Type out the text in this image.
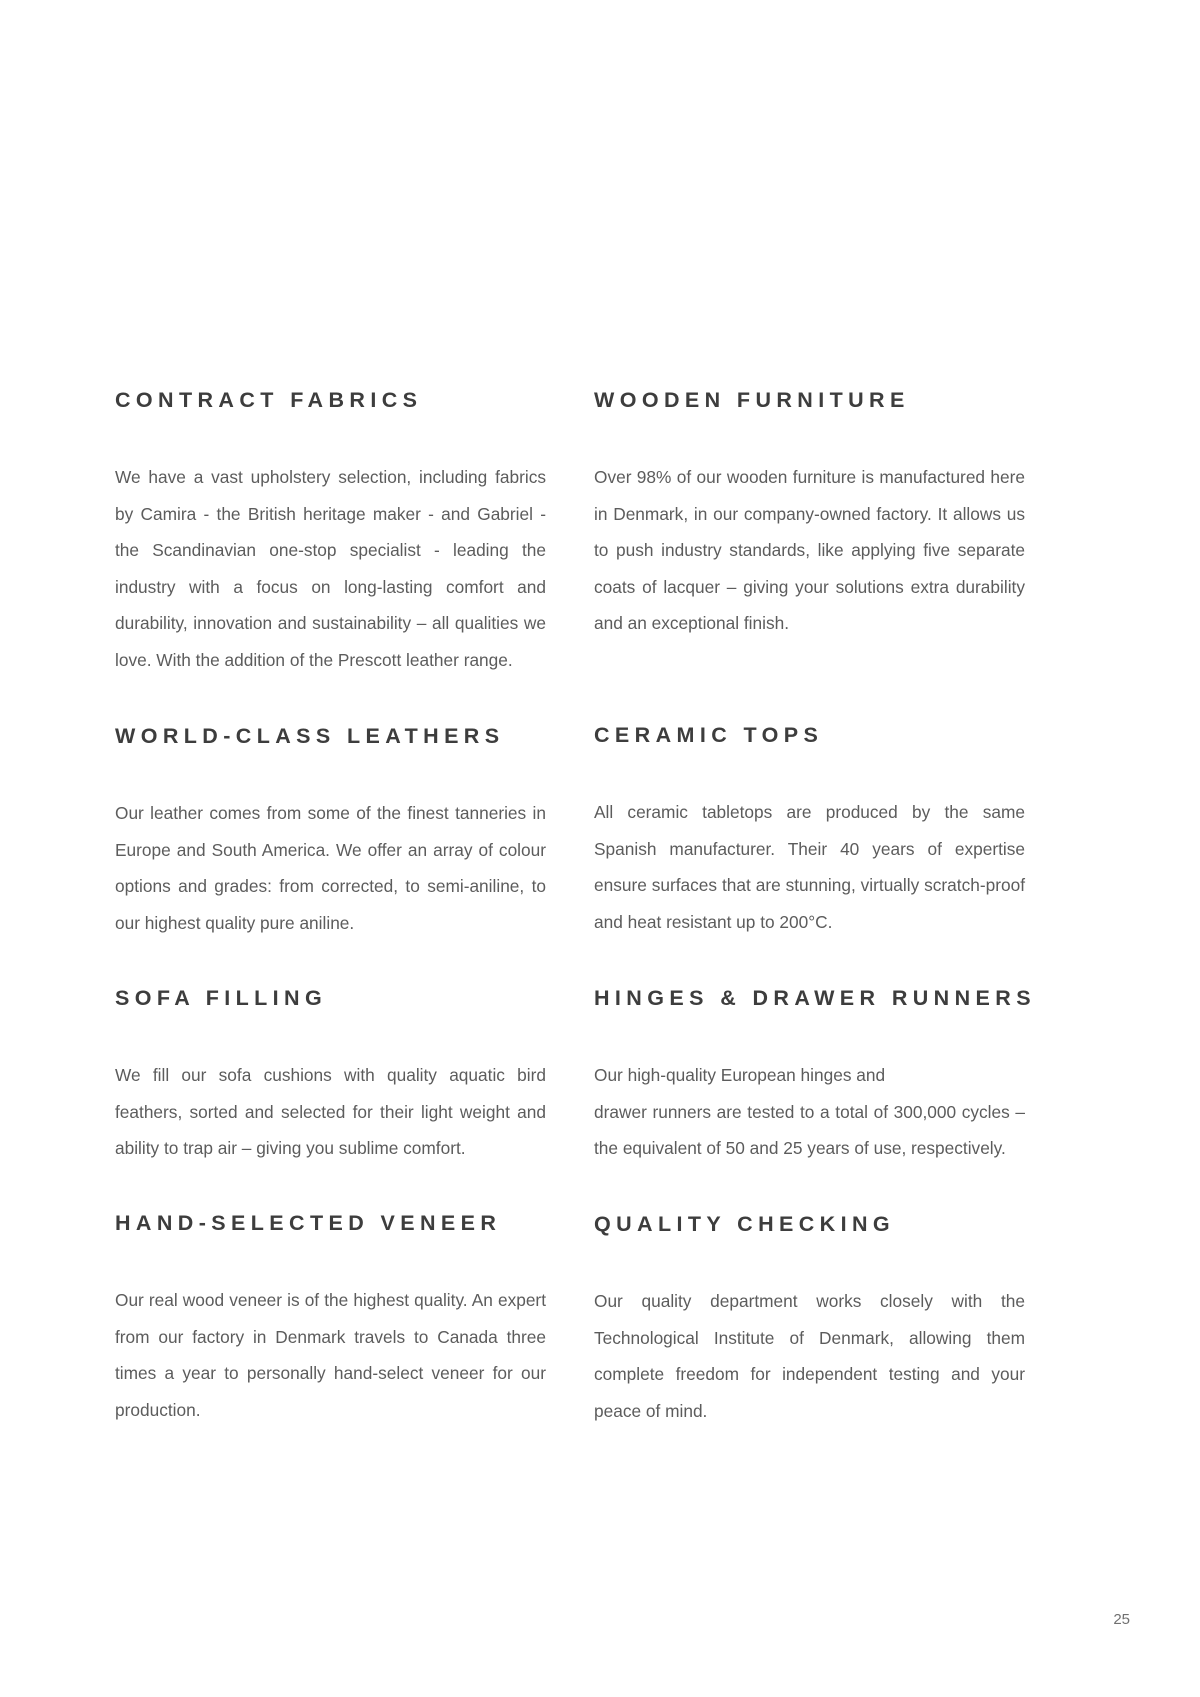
CONTRACT FABRICS

We have a vast upholstery selection, including fabrics by Camira - the British heritage maker - and Gabriel - the Scandinavian one-stop specialist - leading the industry with a focus on long-lasting comfort and durability, innovation and sustainability – all qualities we love. With the addition of the Prescott leather range.

WOODEN FURNITURE

Over 98% of our wooden furniture is manufactured here in Denmark, in our company-owned factory. It allows us to push industry standards, like applying five separate coats of lacquer – giving your solutions extra durability and an exceptional finish.

WORLD-CLASS LEATHERS

Our leather comes from some of the finest tanneries in Europe and South America. We offer an array of colour options and grades: from corrected, to semi-aniline, to our highest quality pure aniline.

CERAMIC TOPS

All ceramic tabletops are produced by the same Spanish manufacturer. Their 40 years of expertise ensure surfaces that are stunning, virtually scratch-proof and heat resistant up to 200°C.

SOFA FILLING

We fill our sofa cushions with quality aquatic bird feathers, sorted and selected for their light weight and ability to trap air – giving you sublime comfort.

HINGES & DRAWER RUNNERS

Our high-quality European hinges and
drawer runners are tested to a total of 300,000 cycles – the equivalent of 50 and 25 years of use, respectively.

HAND-SELECTED VENEER

Our real wood veneer is of the highest quality. An expert from our factory in Denmark travels to Canada three times a year to personally hand-select veneer for our production.

QUALITY CHECKING

Our quality department works closely with the Technological Institute of Denmark, allowing them complete freedom for independent testing and your peace of mind.

25
